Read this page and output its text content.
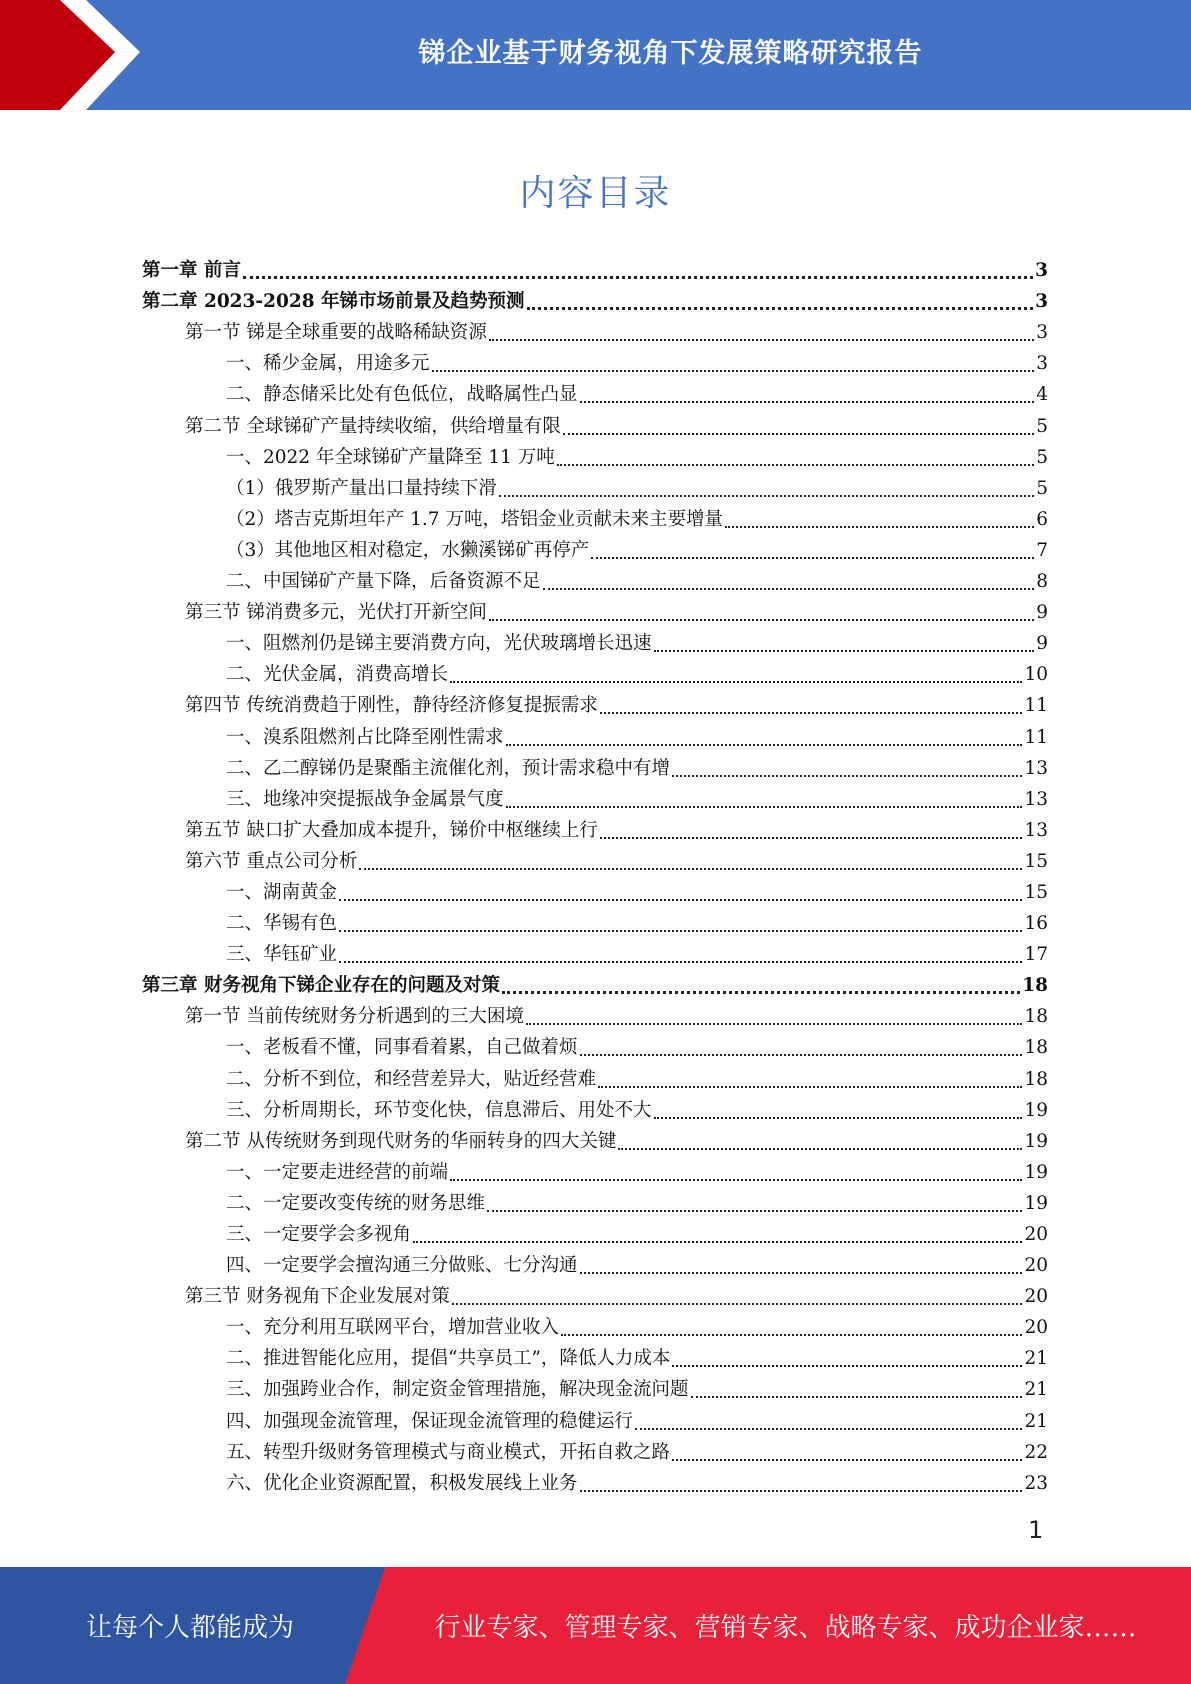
锑企业基于财务视角下发展策略研究报告
内容目录
第一章 前言	3
第二章 2023-2028 年锑市场前景及趋势预测	3
第一节 锑是全球重要的战略稀缺资源	3
一、稀少金属，用途多元	3
二、静态储采比处有色低位，战略属性凸显	4
第二节 全球锑矿产量持续收缩，供给增量有限	5
一、2022 年全球锑矿产量降至 11 万吨	5
（1）俄罗斯产量出口量持续下滑	5
（2）塔吉克斯坦年产 1.7 万吨，塔铝金业贡献未来主要增量	6
（3）其他地区相对稳定，水獭溪锑矿再停产	7
二、中国锑矿产量下降，后备资源不足	8
第三节 锑消费多元，光伏打开新空间	9
一、阻燃剂仍是锑主要消费方向，光伏玻璃增长迅速	9
二、光伏金属，消费高增长	10
第四节 传统消费趋于刚性，静待经济修复提振需求	11
一、溴系阻燃剂占比降至刚性需求	11
二、乙二醇锑仍是聚酯主流催化剂，预计需求稳中有增	13
三、地缘冲突提振战争金属景气度	13
第五节 缺口扩大叠加成本提升，锑价中枢继续上行	13
第六节 重点公司分析	15
一、湖南黄金	15
二、华锡有色	16
三、华钰矿业	17
第三章 财务视角下锑企业存在的问题及对策	18
第一节 当前传统财务分析遇到的三大困境	18
一、老板看不懂，同事看着累，自己做着烦	18
二、分析不到位，和经营差异大，贴近经营难	18
三、分析周期长，环节变化快，信息滞后、用处不大	19
第二节 从传统财务到现代财务的华丽转身的四大关键	19
一、一定要走进经营的前端	19
二、一定要改变传统的财务思维	19
三、一定要学会多视角	20
四、一定要学会擅沟通三分做账、七分沟通	20
第三节 财务视角下企业发展对策	20
一、充分利用互联网平台，增加营业收入	20
二、推进智能化应用，提倡“共享员工”，降低人力成本	21
三、加强跨业合作，制定资金管理措施，解决现金流问题	21
四、加强现金流管理，保证现金流管理的稳健运行	21
五、转型升级财务管理模式与商业模式，开拓自救之路	22
六、优化企业资源配置，积极发展线上业务	23
1
让每个人都能成为	行业专家、管理专家、营销专家、战略专家、成功企业家……
